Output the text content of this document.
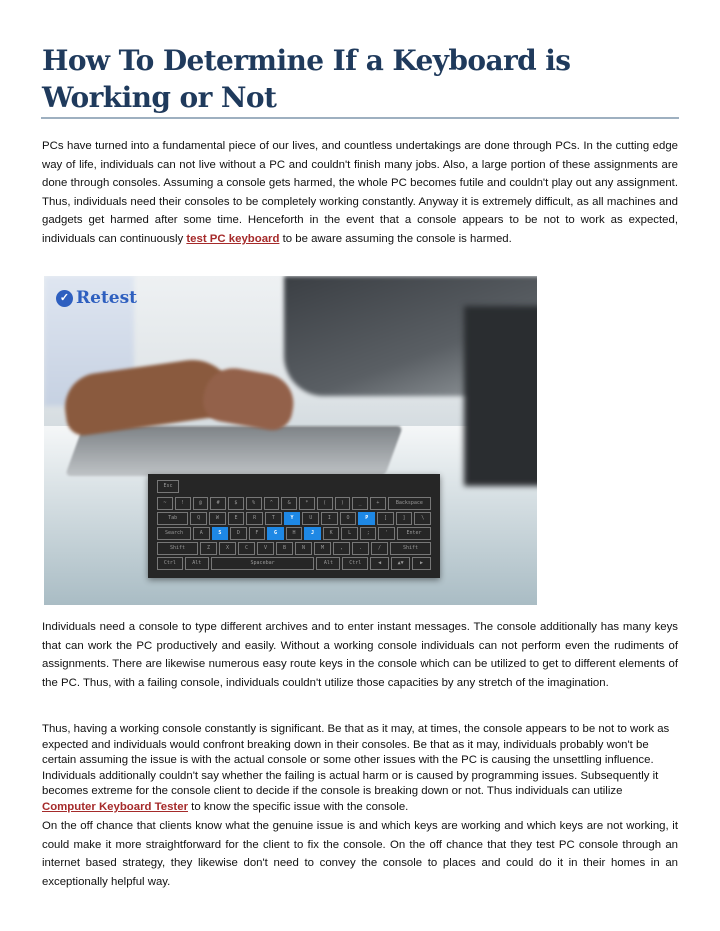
How To Determine If a Keyboard is Working or Not

PCs have turned into a fundamental piece of our lives, and countless undertakings are done through PCs. In the cutting edge way of life, individuals can not live without a PC and couldn't finish many jobs. Also, a large portion of these assignments are done through consoles. Assuming a console gets harmed, the whole PC becomes futile and couldn't play out any assignment. Thus, individuals need their consoles to be completely working constantly. Anyway it is extremely difficult, as all machines and gadgets get harmed after some time. Henceforth in the event that a console appears to be not to work as expected, individuals can continuously test PC keyboard to be aware assuming the console is harmed.

✓ Retest
Esc
~	!	@	#	$	%	^	&	*	(	)	_	+	Backspace
Tab	Q	W	E	R	T	Y	U	I	O	P	[	]	\
Search	A	S	D	F	G	H	J	K	L	;	'	Enter
Shift	Z	X	C	V	B	N	M	,	.	/	Shift
Ctrl	Alt	Spacebar	Alt	Ctrl	◀	▲▼	▶

Individuals need a console to type different archives and to enter instant messages. The console additionally has many keys that can work the PC productively and easily. Without a working console individuals can not perform even the rudiments of assignments. There are likewise numerous easy route keys in the console which can be utilized to get to different elements of the PC. Thus, with a failing console, individuals couldn't utilize those capacities by any stretch of the imagination.

Thus, having a working console constantly is significant. Be that as it may, at times, the console appears to be not to work as expected and individuals would confront breaking down in their consoles. Be that as it may, individuals probably won't be certain assuming the issue is with the actual console or some other issues with the PC is causing the unsettling influence. Individuals additionally couldn't say whether the failing is actual harm or is caused by programming issues. Subsequently it becomes extreme for the console client to decide if the console is breaking down or not. Thus individuals can utilize Computer Keyboard Tester to know the specific issue with the console.

On the off chance that clients know what the genuine issue is and which keys are working and which keys are not working, it could make it more straightforward for the client to fix the console. On the off chance that they test PC console through an internet based strategy, they likewise don't need to convey the console to places and could do it in their homes in an exceptionally helpful way.
